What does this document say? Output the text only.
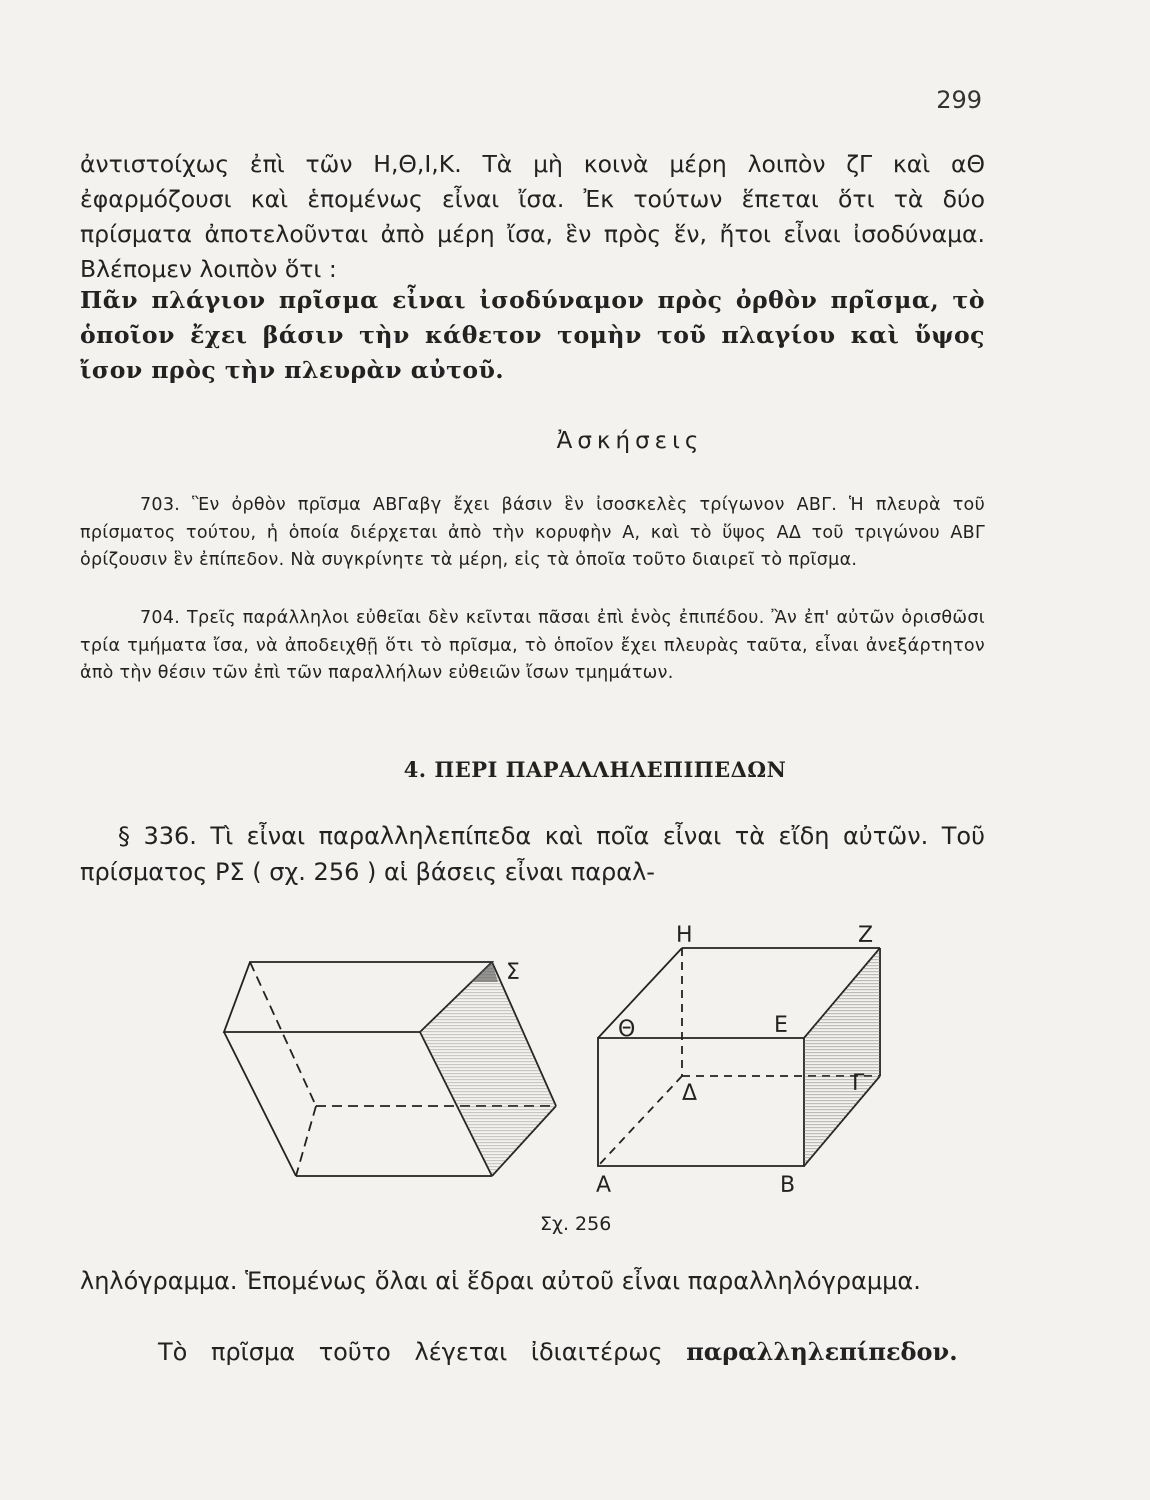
299
ἀντιστοίχως ἐπὶ τῶν Η,Θ,Ι,Κ. Τὰ μὴ κοινὰ μέρη λοιπὸν ζΓ καὶ αΘ ἐφαρμόζουσι καὶ ἑπομένως εἶναι ἴσα. Ἐκ τούτων ἕπεται ὅτι τὰ δύο πρίσματα ἀποτελοῦνται ἀπὸ μέρη ἴσα, ἓν πρὸς ἕν, ἤτοι εἶναι ἰσοδύναμα. Βλέπομεν λοιπὸν ὅτι :
Πᾶν πλάγιον πρῖσμα εἶναι ἰσοδύναμον πρὸς ὀρθὸν πρῖσμα, τὸ ὁποῖον ἔχει βάσιν τὴν κάθετον τομὴν τοῦ πλαγίου καὶ ὕψος ἴσον πρὸς τὴν πλευρὰν αὐτοῦ.
Ἀσκήσεις
703. Ἓν ὀρθὸν πρῖσμα ΑΒΓαβγ ἔχει βάσιν ἓν ἰσοσκελὲς τρίγωνον ΑΒΓ. Ἡ πλευρὰ τοῦ πρίσματος τούτου, ἡ ὁποία διέρχεται ἀπὸ τὴν κορυφὴν Α, καὶ τὸ ὕψος ΑΔ τοῦ τριγώνου ΑΒΓ ὁρίζουσιν ἓν ἐπίπεδον. Νὰ συγκρίνητε τὰ μέρη, εἰς τὰ ὁποῖα τοῦτο διαιρεῖ τὸ πρῖσμα.
704. Τρεῖς παράλληλοι εὐθεῖαι δὲν κεῖνται πᾶσαι ἐπὶ ἑνὸς ἐπιπέδου. Ἂν ἐπ' αὐτῶν ὁρισθῶσι τρία τμήματα ἴσα, νὰ ἀποδειχθῇ ὅτι τὸ πρῖσμα, τὸ ὁποῖον ἔχει πλευρὰς ταῦτα, εἶναι ἀνεξάρτητον ἀπὸ τὴν θέσιν τῶν ἐπὶ τῶν παραλλήλων εὐθειῶν ἴσων τμημάτων.
4. ΠΕΡΙ ΠΑΡΑΛΛΗΛΕΠΙΠΕΔΩΝ
§ 336. Τὶ εἶναι παραλληλεπίπεδα καὶ ποῖα εἶναι τὰ εἴδη αὐτῶν. Τοῦ πρίσματος ΡΣ ( σχ. 256 ) αἱ βάσεις εἶναι παραλ-
Σ
Η	Ζ
Θ	Ε
Δ	Γ
Α	Β
Σχ. 256
ληλόγραμμα. Ἑπομένως ὅλαι αἱ ἕδραι αὐτοῦ εἶναι παραλληλόγραμμα.
Τὸ πρῖσμα τοῦτο λέγεται ἰδιαιτέρως παραλληλεπίπεδον.
